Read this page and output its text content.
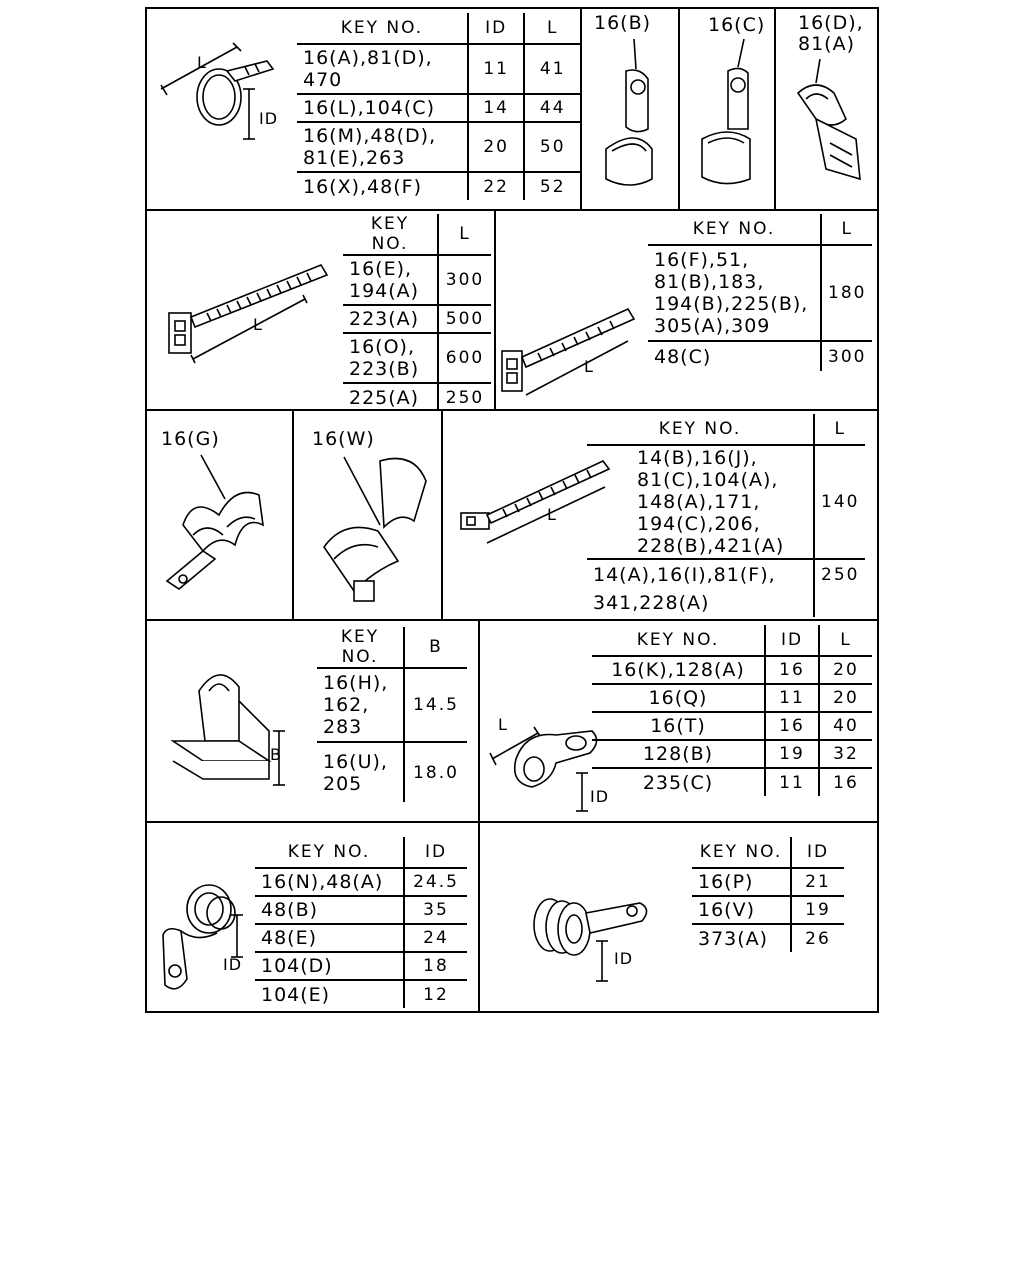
L
ID
KEY NO.	ID	L
16(A),81(D),
470	11	41
16(L),104(C)	14	44
16(M),48(D),
81(E),263	20	50
16(X),48(F)	22	52
16(B)	16(C) 16(D),
81(A)
L
KEY NO.	L
16(E),
194(A)	300
223(A)	500
16(O),
223(B)	600
225(A)	250
L
KEY NO.	L
16(F),51,
81(B),183,
194(B),225(B),
305(A),309	180
48(C)	300
16(G)	16(W)
L
KEY NO.	L
14(B),16(J),
81(C),104(A),
148(A),171,
194(C),206,
228(B),421(A)	140
14(A),16(I),81(F),
341,228(A)	250
B
KEY NO.	B
16(H),
162,
283	14.5
16(U),
205	18.0
L
ID
KEY NO.	ID	L
16(K),128(A)	16	20
16(Q)	11	20
16(T)	16	40
128(B)	19	32
235(C)	11	16
ID
KEY NO.	ID
16(N),48(A)	24.5
48(B)	35
48(E)	24
104(D)	18
104(E)	12
ID
KEY NO.	ID
16(P)	21
16(V)	19
373(A)	26
